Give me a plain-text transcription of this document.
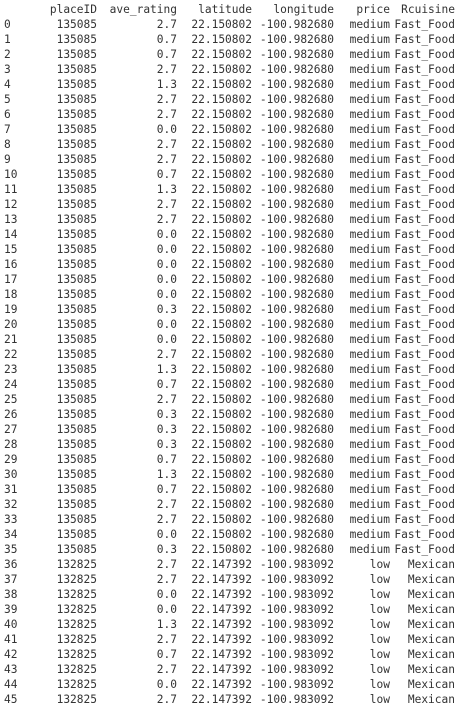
	placeID	ave_rating	latitude	longitude	price	Rcuisine
0	135085	2.7	22.150802	-100.982680	medium	Fast_Food
1	135085	0.7	22.150802	-100.982680	medium	Fast_Food
2	135085	0.7	22.150802	-100.982680	medium	Fast_Food
3	135085	2.7	22.150802	-100.982680	medium	Fast_Food
4	135085	1.3	22.150802	-100.982680	medium	Fast_Food
5	135085	2.7	22.150802	-100.982680	medium	Fast_Food
6	135085	2.7	22.150802	-100.982680	medium	Fast_Food
7	135085	0.0	22.150802	-100.982680	medium	Fast_Food
8	135085	2.7	22.150802	-100.982680	medium	Fast_Food
9	135085	2.7	22.150802	-100.982680	medium	Fast_Food
10	135085	0.7	22.150802	-100.982680	medium	Fast_Food
11	135085	1.3	22.150802	-100.982680	medium	Fast_Food
12	135085	2.7	22.150802	-100.982680	medium	Fast_Food
13	135085	2.7	22.150802	-100.982680	medium	Fast_Food
14	135085	0.0	22.150802	-100.982680	medium	Fast_Food
15	135085	0.0	22.150802	-100.982680	medium	Fast_Food
16	135085	0.0	22.150802	-100.982680	medium	Fast_Food
17	135085	0.0	22.150802	-100.982680	medium	Fast_Food
18	135085	0.0	22.150802	-100.982680	medium	Fast_Food
19	135085	0.3	22.150802	-100.982680	medium	Fast_Food
20	135085	0.0	22.150802	-100.982680	medium	Fast_Food
21	135085	0.0	22.150802	-100.982680	medium	Fast_Food
22	135085	2.7	22.150802	-100.982680	medium	Fast_Food
23	135085	1.3	22.150802	-100.982680	medium	Fast_Food
24	135085	0.7	22.150802	-100.982680	medium	Fast_Food
25	135085	2.7	22.150802	-100.982680	medium	Fast_Food
26	135085	0.3	22.150802	-100.982680	medium	Fast_Food
27	135085	0.3	22.150802	-100.982680	medium	Fast_Food
28	135085	0.3	22.150802	-100.982680	medium	Fast_Food
29	135085	0.7	22.150802	-100.982680	medium	Fast_Food
30	135085	1.3	22.150802	-100.982680	medium	Fast_Food
31	135085	0.7	22.150802	-100.982680	medium	Fast_Food
32	135085	2.7	22.150802	-100.982680	medium	Fast_Food
33	135085	2.7	22.150802	-100.982680	medium	Fast_Food
34	135085	0.0	22.150802	-100.982680	medium	Fast_Food
35	135085	0.3	22.150802	-100.982680	medium	Fast_Food
36	132825	2.7	22.147392	-100.983092	low	Mexican
37	132825	2.7	22.147392	-100.983092	low	Mexican
38	132825	0.0	22.147392	-100.983092	low	Mexican
39	132825	0.0	22.147392	-100.983092	low	Mexican
40	132825	1.3	22.147392	-100.983092	low	Mexican
41	132825	2.7	22.147392	-100.983092	low	Mexican
42	132825	0.7	22.147392	-100.983092	low	Mexican
43	132825	2.7	22.147392	-100.983092	low	Mexican
44	132825	0.0	22.147392	-100.983092	low	Mexican
45	132825	2.7	22.147392	-100.983092	low	Mexican
